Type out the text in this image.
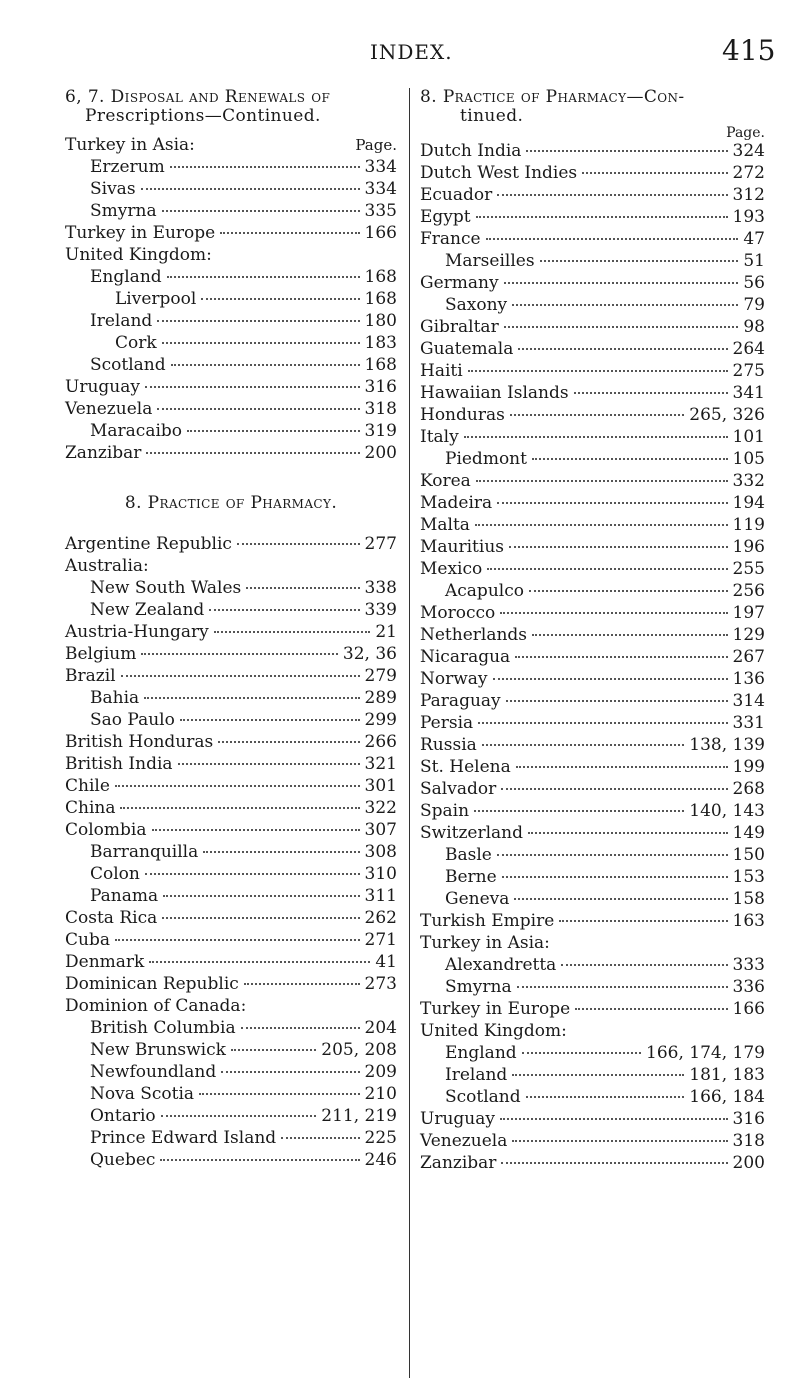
INDEX.	415
6, 7. Disposal and Renewals of
Prescriptions—Continued.
Turkey in Asia:	Page.
Erzerum	334
Sivas	334
Smyrna	335
Turkey in Europe	166
United Kingdom:
England	168
Liverpool	168
Ireland	180
Cork	183
Scotland	168
Uruguay	316
Venezuela	318
Maracaibo	319
Zanzibar	200
8. Practice of Pharmacy.
Argentine Republic	277
Australia:
New South Wales	338
New Zealand	339
Austria-Hungary	21
Belgium	32, 36
Brazil	279
Bahia	289
Sao Paulo	299
British Honduras	266
British India	321
Chile	301
China	322
Colombia	307
Barranquilla	308
Colon	310
Panama	311
Costa Rica	262
Cuba	271
Denmark	41
Dominican Republic	273
Dominion of Canada:
British Columbia	204
New Brunswick	205, 208
Newfoundland	209
Nova Scotia	210
Ontario	211, 219
Prince Edward Island	225
Quebec	246
8. Practice of Pharmacy—Con-
tinued.
Page.
Dutch India	324
Dutch West Indies	272
Ecuador	312
Egypt	193
France	47
Marseilles	51
Germany	56
Saxony	79
Gibraltar	98
Guatemala	264
Haiti	275
Hawaiian Islands	341
Honduras	265, 326
Italy	101
Piedmont	105
Korea	332
Madeira	194
Malta	119
Mauritius	196
Mexico	255
Acapulco	256
Morocco	197
Netherlands	129
Nicaragua	267
Norway	136
Paraguay	314
Persia	331
Russia	138, 139
St. Helena	199
Salvador	268
Spain	140, 143
Switzerland	149
Basle	150
Berne	153
Geneva	158
Turkish Empire	163
Turkey in Asia:
Alexandretta	333
Smyrna	336
Turkey in Europe	166
United Kingdom:
England	166, 174, 179
Ireland	181, 183
Scotland	166, 184
Uruguay	316
Venezuela	318
Zanzibar	200
